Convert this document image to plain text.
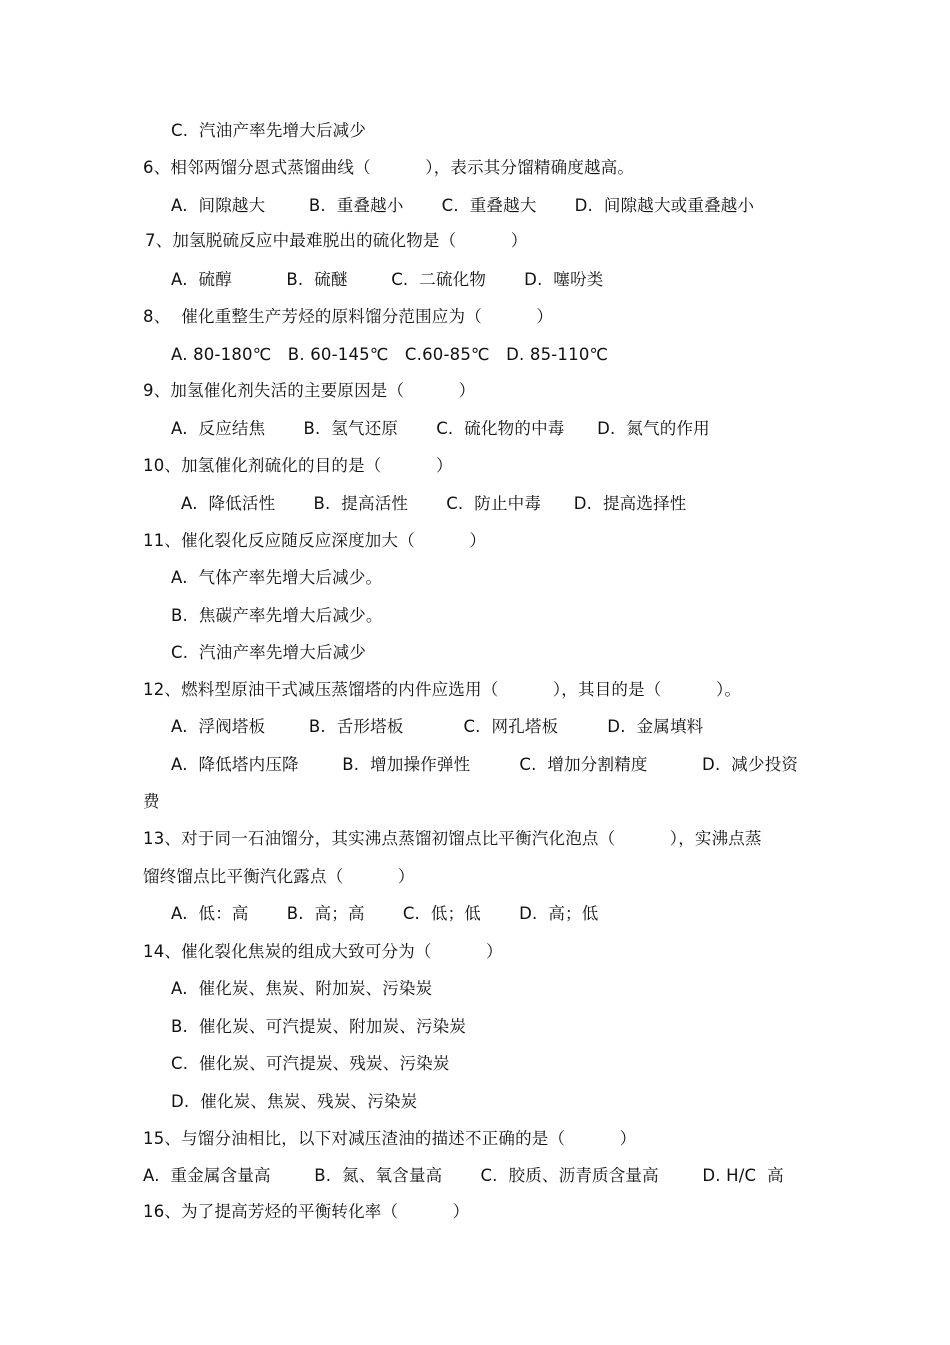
C.  汽油产率先增大后减少
6、相邻两馏分恩式蒸馏曲线（          ），表示其分馏精确度越高。
A.  间隙越大        B.  重叠越小       C.  重叠越大       D.  间隙越大或重叠越小
7、加氢脱硫反应中最难脱出的硫化物是（          ）
A.  硫醇          B.  硫醚        C.  二硫化物       D.  噻吩类
8、  催化重整生产芳烃的原料馏分范围应为（          ）
A. 80-180℃   B. 60-145℃   C.60-85℃   D. 85-110℃
9、加氢催化剂失活的主要原因是（          ）
A.  反应结焦       B.  氢气还原       C.  硫化物的中毒      D.  氮气的作用
10、加氢催化剂硫化的目的是（          ）
A.  降低活性       B.  提高活性       C.  防止中毒      D.  提高选择性
11、催化裂化反应随反应深度加大（          ）
A.  气体产率先增大后减少。
B.  焦碳产率先增大后减少。
C.  汽油产率先增大后减少
12、燃料型原油干式减压蒸馏塔的内件应选用（          ），其目的是（          ）。
A.  浮阀塔板        B.  舌形塔板           C.  网孔塔板         D.  金属填料
A.  降低塔内压降        B.  增加操作弹性         C.  增加分割精度          D.  减少投资
费
13、对于同一石油馏分，其实沸点蒸馏初馏点比平衡汽化泡点（          ），实沸点蒸
馏终馏点比平衡汽化露点（          ）
A.  低：高       B.  高；高       C.  低；低       D.  高；低
14、催化裂化焦炭的组成大致可分为（          ）
A.  催化炭、焦炭、附加炭、污染炭
B.  催化炭、可汽提炭、附加炭、污染炭
C.  催化炭、可汽提炭、残炭、污染炭
D.  催化炭、焦炭、残炭、污染炭
15、与馏分油相比，以下对减压渣油的描述不正确的是（          ）
A.  重金属含量高        B.  氮、氧含量高       C.  胶质、沥青质含量高        D. H/C  高
16、为了提高芳烃的平衡转化率（          ）
